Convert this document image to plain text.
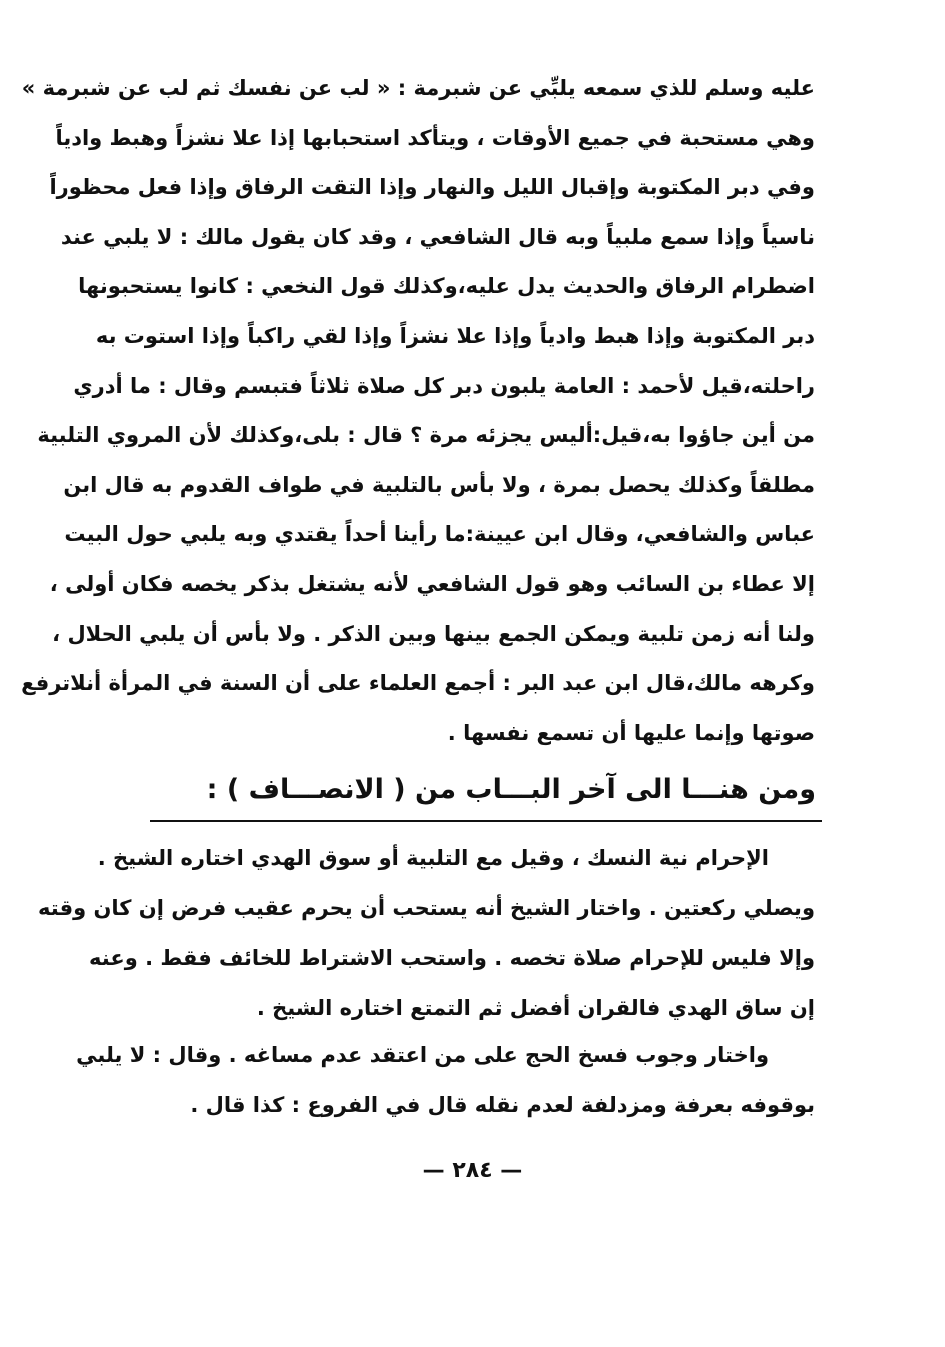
عليه وسلم للذي سمعه يلبِّي عن شبرمة : « لب عن نفسك ثم لب عن شبرمة »
وهي مستحبة في جميع الأوقات ، ويتأكد استحبابها إذا علا نشزاً وهبط وادياً
وفي دبر المكتوبة وإقبال الليل والنهار وإذا التقت الرفاق وإذا فعل محظوراً
ناسياً وإذا سمع ملبياً وبه قال الشافعي ، وقد كان يقول مالك : لا يلبي عند
اضطرام الرفاق والحديث يدل عليه،وكذلك قول النخعي : كانوا يستحبونها
دبر المكتوبة وإذا هبط وادياً وإذا علا نشزاً وإذا لقي راكباً وإذا استوت به
راحلته،قيل لأحمد : العامة يلبون دبر كل صلاة ثلاثاً فتبسم وقال : ما أدري
من أين جاؤوا به،قيل:أليس يجزئه مرة ؟ قال : بلى،وكذلك لأن المروي التلبية
مطلقاً وكذلك يحصل بمرة ، ولا بأس بالتلبية في طواف القدوم به قال ابن
عباس والشافعي، وقال ابن عيينة:ما رأينا أحداً يقتدي وبه يلبي حول البيت
إلا عطاء بن السائب وهو قول الشافعي لأنه يشتغل بذكر يخصه فكان أولى ،
ولنا أنه زمن تلبية ويمكن الجمع بينها وبين الذكر . ولا بأس أن يلبي الحلال ،
وكرهه مالك،قال ابن عبد البر : أجمع العلماء على أن السنة في المرأة أنلاترفع
صوتها وإنما عليها أن تسمع نفسها .
ومن هنـــا الى آخر البـــاب من ( الانصـــاف ) :
الإحرام نية النسك ، وقيل مع التلبية أو سوق الهدي اختاره الشيخ .
ويصلي ركعتين . واختار الشيخ أنه يستحب أن يحرم عقيب فرض إن كان وقته
وإلا فليس للإحرام صلاة تخصه . واستحب الاشتراط للخائف فقط . وعنه
إن ساق الهدي فالقران أفضل ثم التمتع اختاره الشيخ .
واختار وجوب فسخ الحج على من اعتقد عدم مساغه . وقال : لا يلبي
بوقوفه بعرفة ومزدلفة لعدم نقله قال في الفروع : كذا قال .
— ٢٨٤ —
